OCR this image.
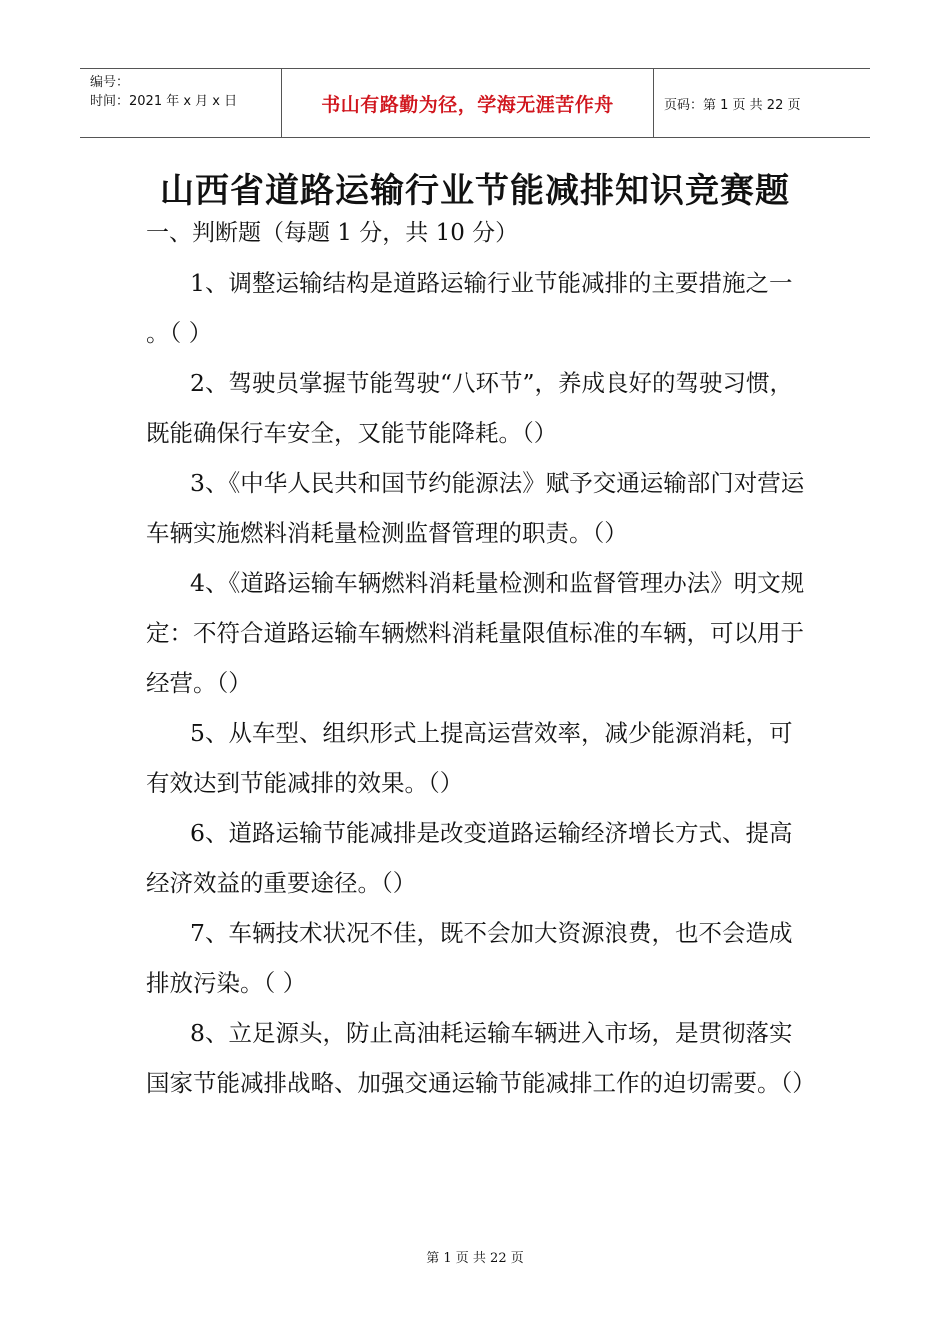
编号：
时间：2021 年 x 月 x 日	书山有路勤为径，学海无涯苦作舟	页码：第 1 页 共 22 页
山西省道路运输行业节能减排知识竞赛题

一、判断题（每题 1 分，共 10 分）

1、调整运输结构是道路运输行业节能减排的主要措施之一 。（ ）
2、驾驶员掌握节能驾驶“八环节”，养成良好的驾驶习惯，既能确保行车安全，又能节能降耗。（）
3、《中华人民共和国节约能源法》赋予交通运输部门对营运车辆实施燃料消耗量检测监督管理的职责。（）
4、《道路运输车辆燃料消耗量检测和监督管理办法》明文规定：不符合道路运输车辆燃料消耗量限值标准的车辆，可以用于经营。（）
5、从车型、组织形式上提高运营效率，减少能源消耗，可有效达到节能减排的效果。（）
6、道路运输节能减排是改变道路运输经济增长方式、提高经济效益的重要途径。（）
7、车辆技术状况不佳，既不会加大资源浪费，也不会造成排放污染。（ ）
8、立足源头，防止高油耗运输车辆进入市场，是贯彻落实国家节能减排战略、加强交通运输节能减排工作的迫切需要。（）
第 1 页 共 22 页
